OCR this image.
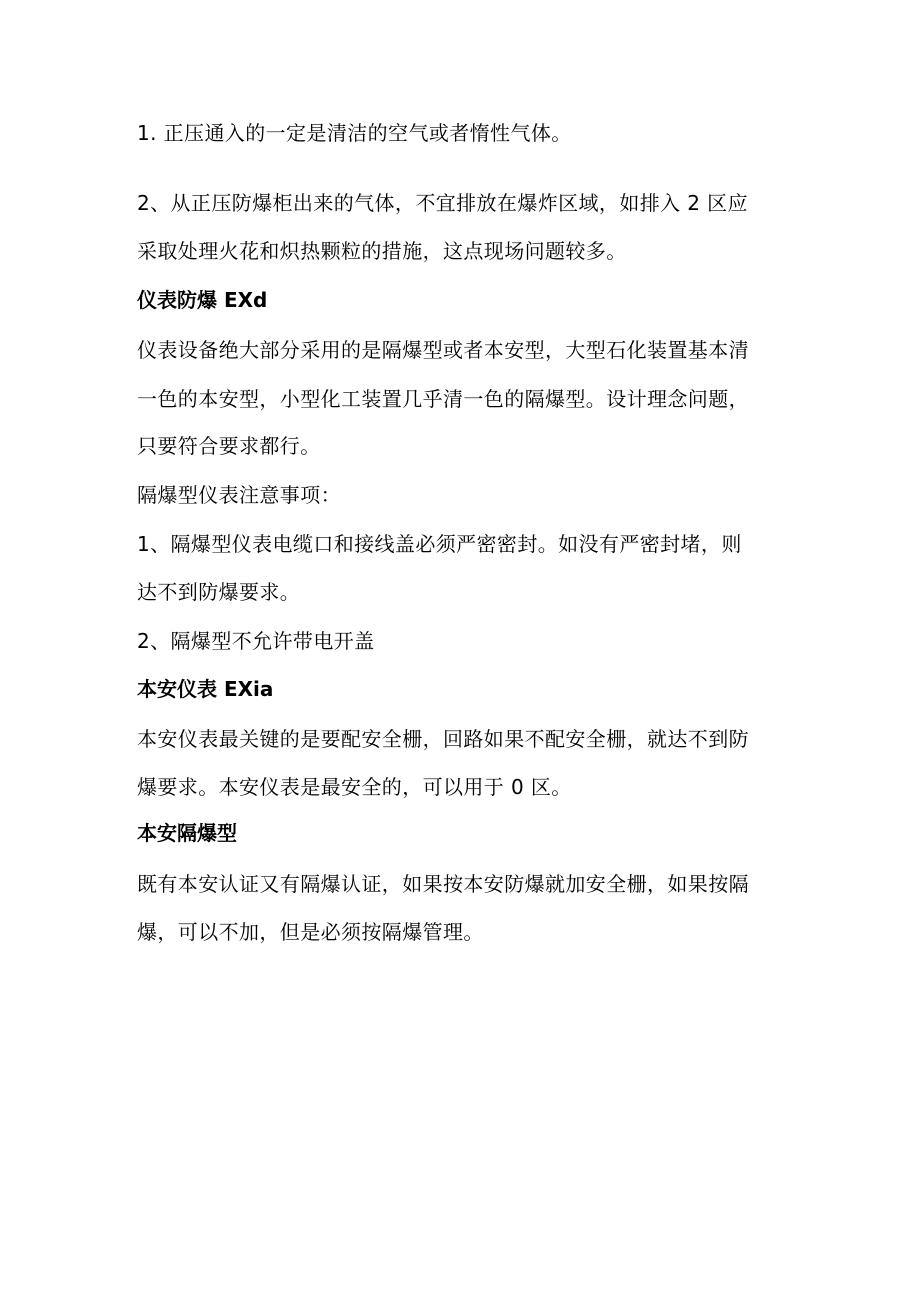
1. 正压通入的一定是清洁的空气或者惰性气体。
2、从正压防爆柜出来的气体，不宜排放在爆炸区域，如排入 2 区应
采取处理火花和炽热颗粒的措施，这点现场问题较多。
仪表防爆 EXd
仪表设备绝大部分采用的是隔爆型或者本安型，大型石化装置基本清
一色的本安型，小型化工装置几乎清一色的隔爆型。设计理念问题，
只要符合要求都行。
隔爆型仪表注意事项：
1、隔爆型仪表电缆口和接线盖必须严密密封。如没有严密封堵，则
达不到防爆要求。
2、隔爆型不允许带电开盖
本安仪表 EXia
本安仪表最关键的是要配安全栅，回路如果不配安全栅，就达不到防
爆要求。本安仪表是最安全的，可以用于 0 区。
本安隔爆型
既有本安认证又有隔爆认证，如果按本安防爆就加安全栅，如果按隔
爆，可以不加，但是必须按隔爆管理。
